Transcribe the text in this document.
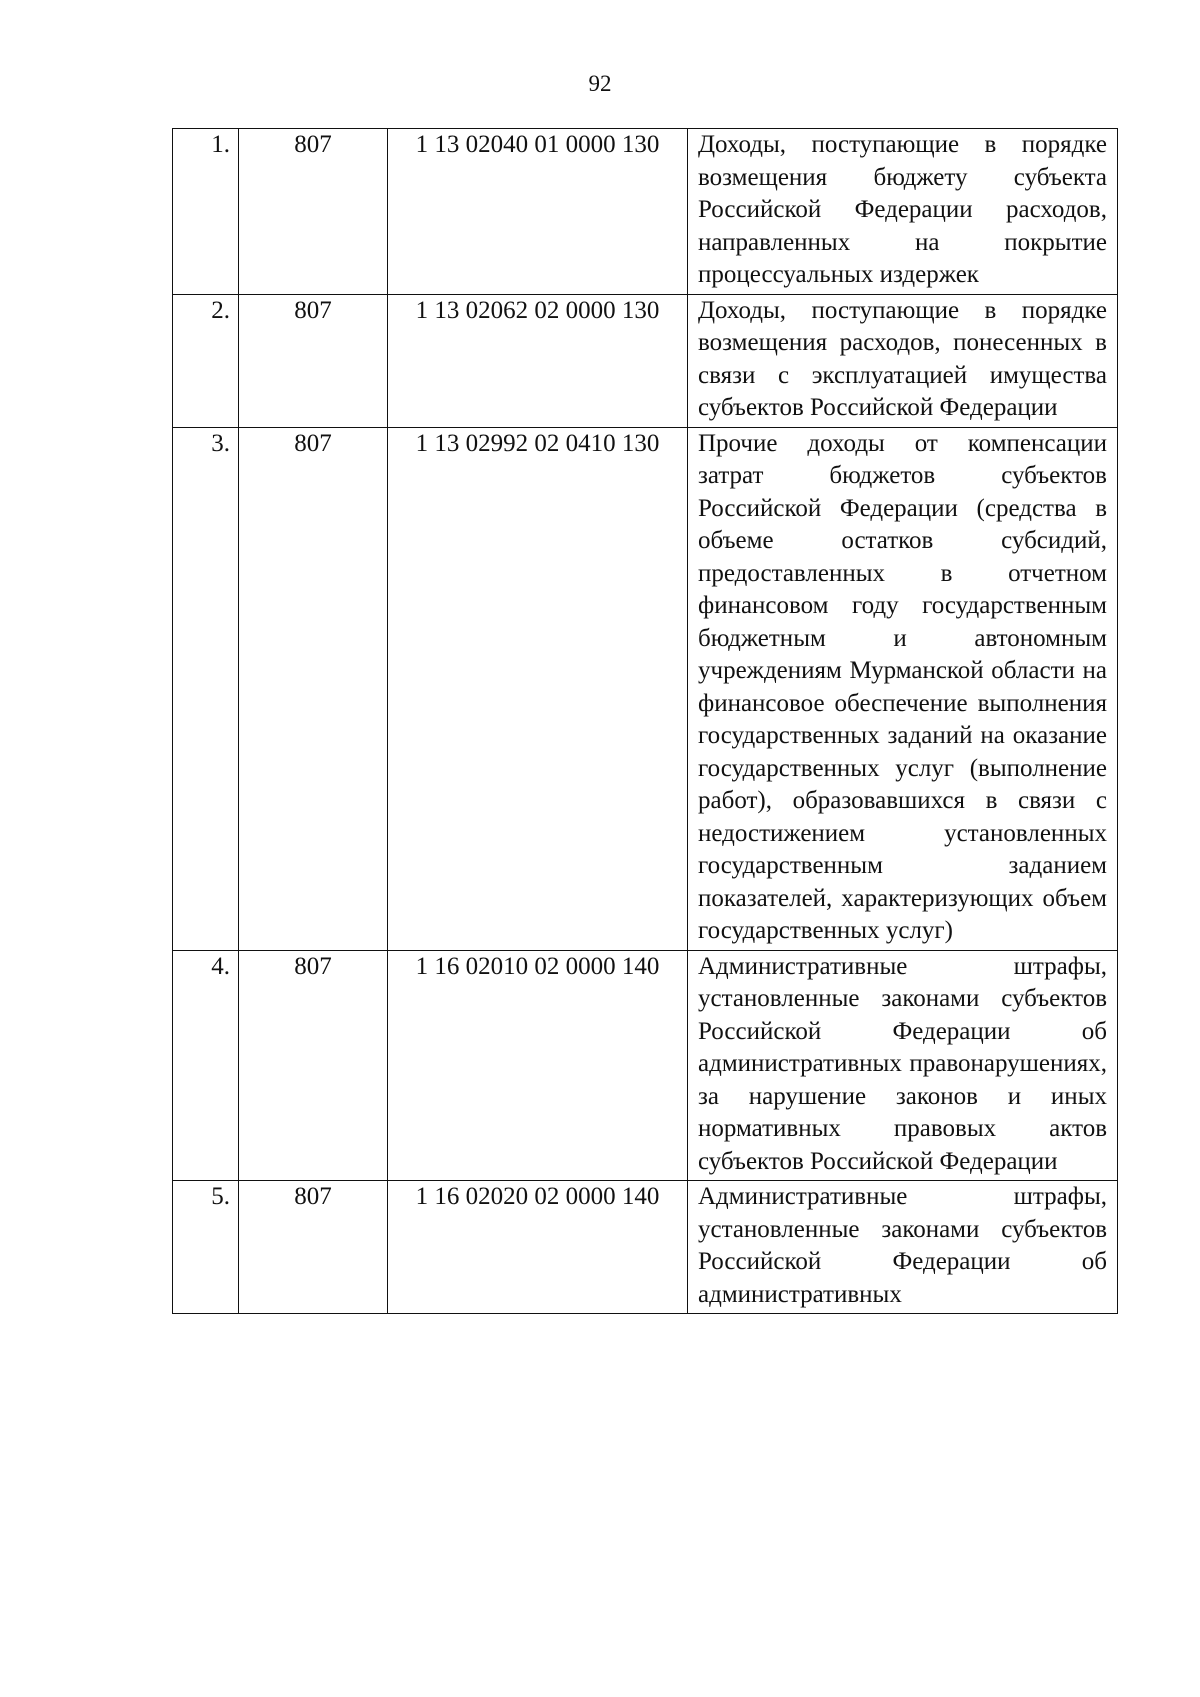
92
1.	807	1 13 02040 01 0000 130	Доходы, поступающие в порядке возмещения бюджету субъекта Российской Федерации расходов, направленных на покрытие процессуальных издержек
2.	807	1 13 02062 02 0000 130	Доходы, поступающие в порядке возмещения расходов, понесенных в связи с эксплуатацией имущества субъектов Российской Федерации
3.	807	1 13 02992 02 0410 130	Прочие доходы от компенсации затрат бюджетов субъектов Российской Федерации (средства в объеме остатков субсидий, предоставленных в отчетном финансовом году государственным бюджетным и автономным учреждениям Мурманской области на финансовое обеспечение выполнения государственных заданий на оказание государственных услуг (выполнение работ), образовавшихся в связи с недостижением установленных государственным заданием показателей, характеризующих объем государственных услуг)
4.	807	1 16 02010 02 0000 140	Административные штрафы, установленные законами субъектов Российской Федерации об административных правонарушениях, за нарушение законов и иных нормативных правовых актов субъектов Российской Федерации
5.	807	1 16 02020 02 0000 140	Административные штрафы, установленные законами субъектов Российской Федерации об административных
